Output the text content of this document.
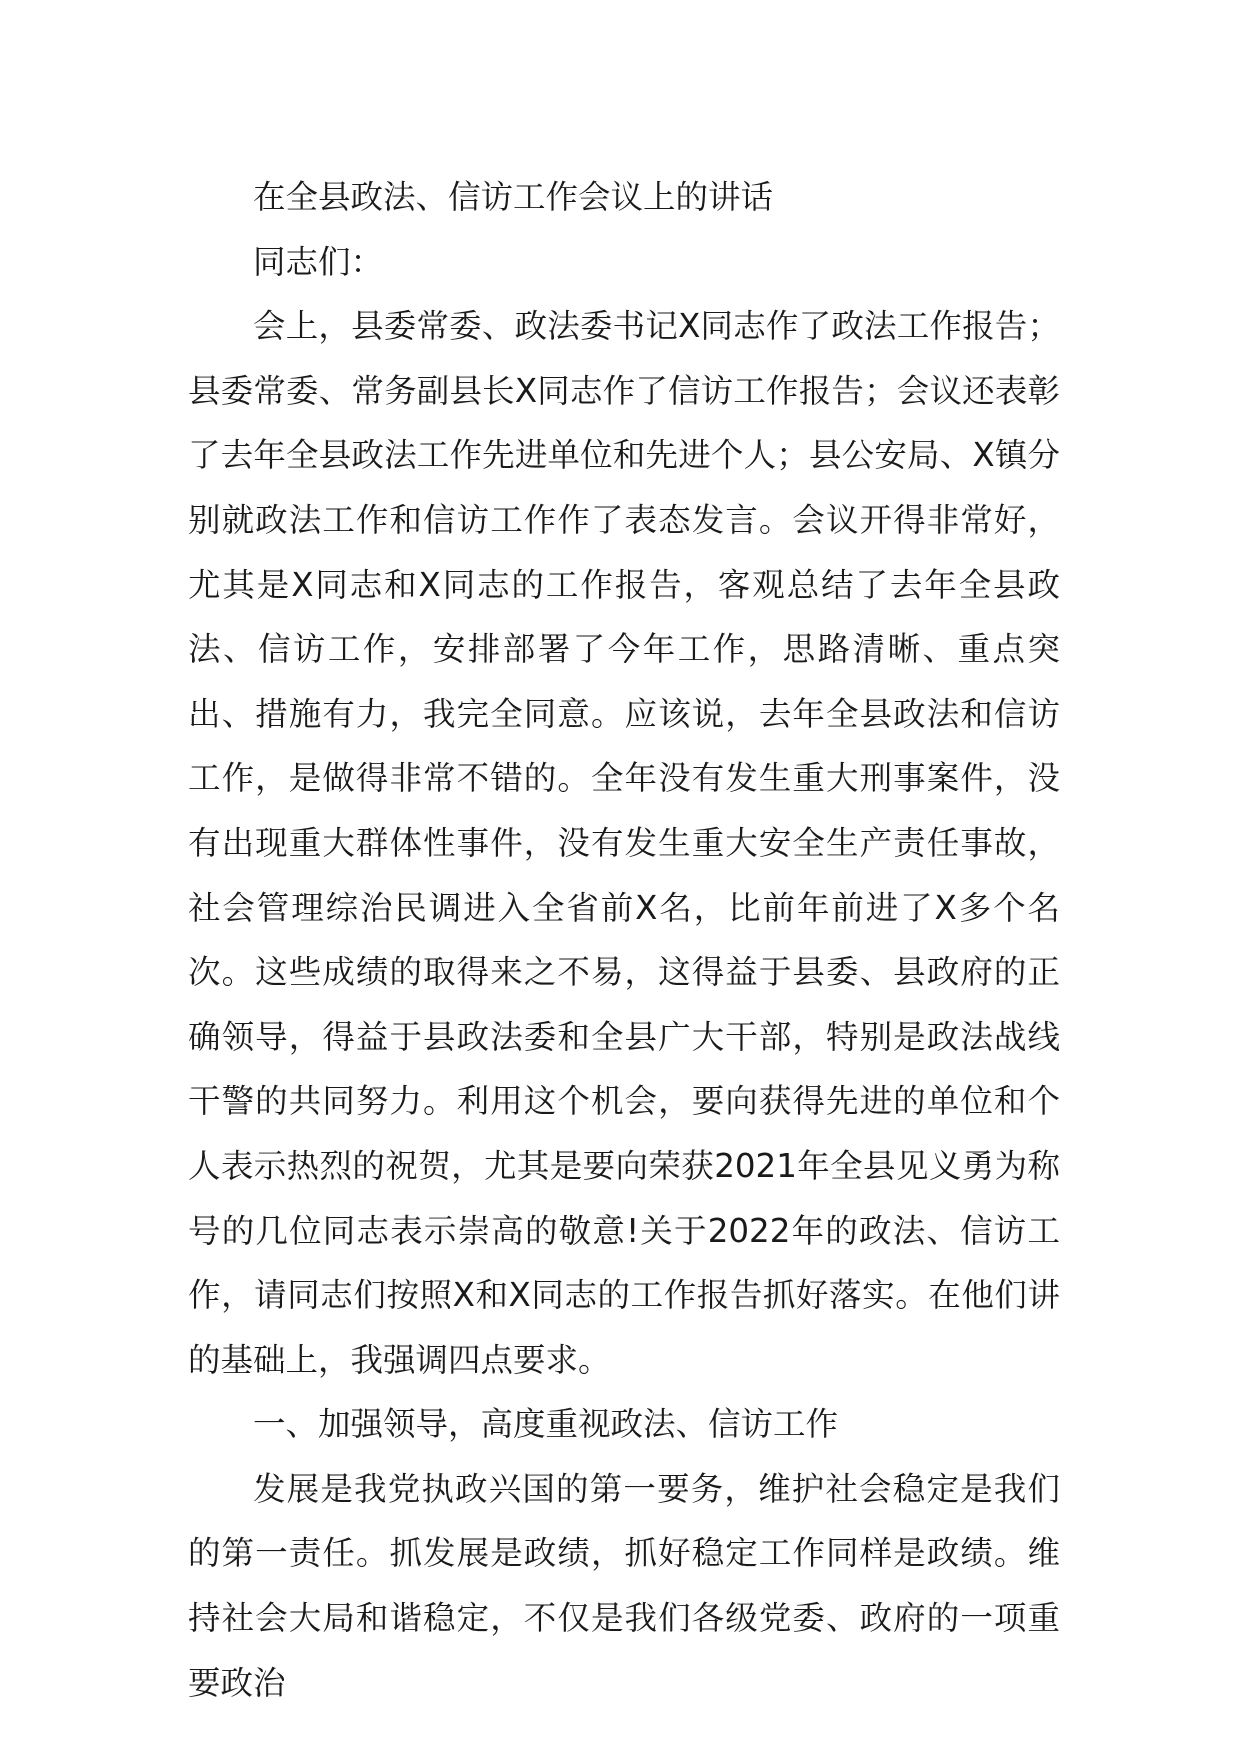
在全县政法、信访工作会议上的讲话

同志们：

会上，县委常委、政法委书记X同志作了政法工作报告；县委常委、常务副县长X同志作了信访工作报告；会议还表彰了去年全县政法工作先进单位和先进个人；县公安局、X镇分别就政法工作和信访工作作了表态发言。会议开得非常好，尤其是X同志和X同志的工作报告，客观总结了去年全县政法、信访工作，安排部署了今年工作，思路清晰、重点突出、措施有力，我完全同意。应该说，去年全县政法和信访工作，是做得非常不错的。全年没有发生重大刑事案件，没有出现重大群体性事件，没有发生重大安全生产责任事故，社会管理综治民调进入全省前X名，比前年前进了X多个名次。这些成绩的取得来之不易，这得益于县委、县政府的正确领导，得益于县政法委和全县广大干部，特别是政法战线干警的共同努力。利用这个机会，要向获得先进的单位和个人表示热烈的祝贺，尤其是要向荣获2021年全县见义勇为称号的几位同志表示崇高的敬意!关于2022年的政法、信访工作，请同志们按照X和X同志的工作报告抓好落实。在他们讲的基础上，我强调四点要求。

一、加强领导，高度重视政法、信访工作

发展是我党执政兴国的第一要务，维护社会稳定是我们的第一责任。抓发展是政绩，抓好稳定工作同样是政绩。维持社会大局和谐稳定，不仅是我们各级党委、政府的一项重要政治
